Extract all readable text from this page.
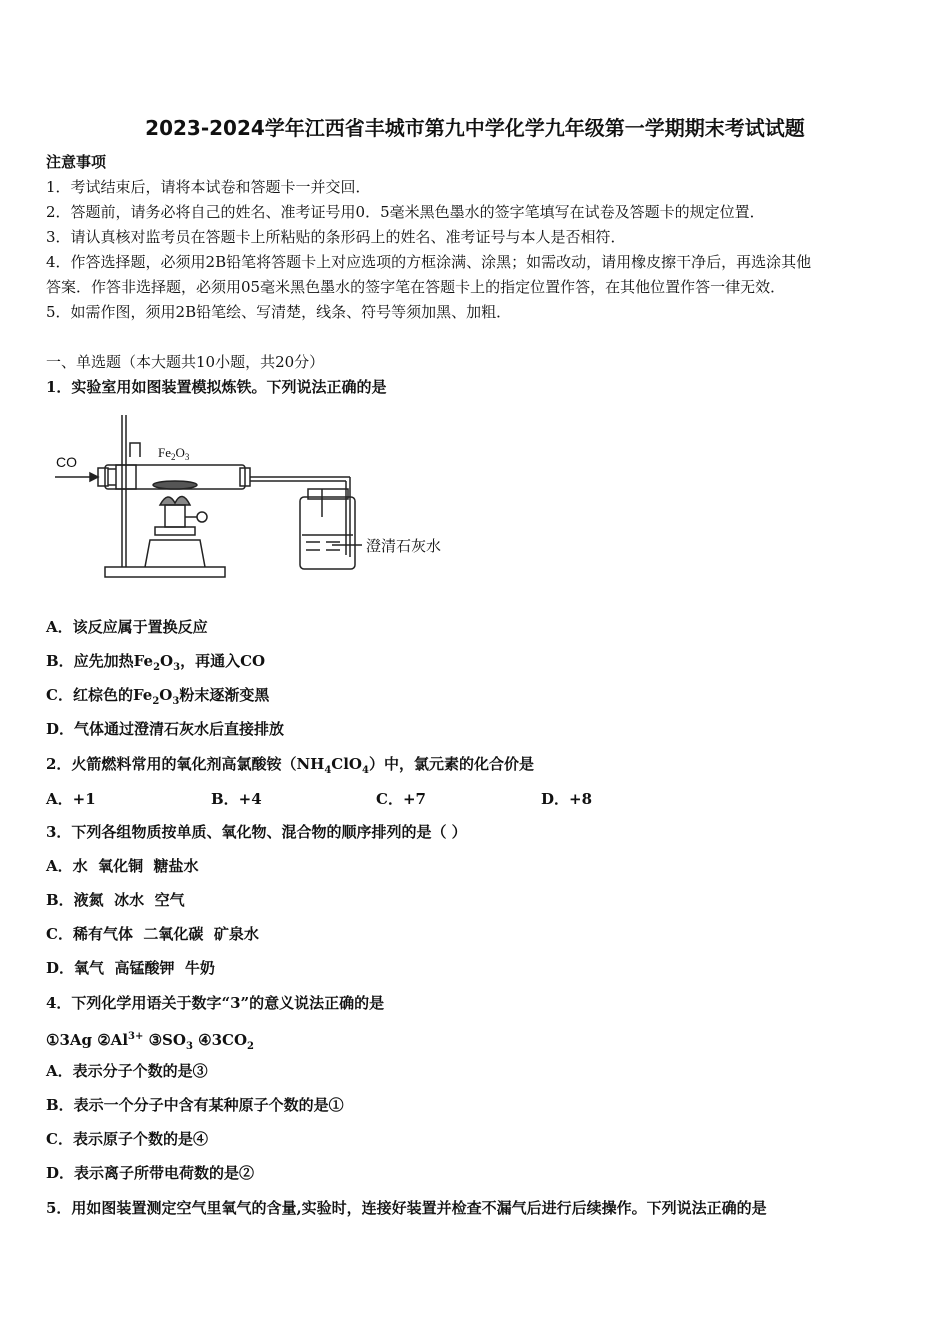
2023-2024学年江西省丰城市第九中学化学九年级第一学期期末考试试题
注意事项
1．考试结束后，请将本试卷和答题卡一并交回．
2．答题前，请务必将自己的姓名、准考证号用0．5毫米黑色墨水的签字笔填写在试卷及答题卡的规定位置．
3．请认真核对监考员在答题卡上所粘贴的条形码上的姓名、准考证号与本人是否相符．
4．作答选择题，必须用2B铅笔将答题卡上对应选项的方框涂满、涂黑；如需改动，请用橡皮擦干净后，再选涂其他
答案．作答非选择题，必须用05毫米黑色墨水的签字笔在答题卡上的指定位置作答，在其他位置作答一律无效．
5．如需作图，须用2B铅笔绘、写清楚，线条、符号等须加黑、加粗．
一、单选题（本大题共10小题，共20分）
1．实验室用如图装置模拟炼铁。下列说法正确的是
CO
$Fe_2O_3$
澄清石灰水
A．该反应属于置换反应
B．应先加热$Fe_2O_3$，再通入CO
C．红棕色的$Fe_2O_3$粉末逐渐变黑
D．气体通过澄清石灰水后直接排放
2．火箭燃料常用的氧化剂高氯酸铵$(NH_4ClO_4)$中，氯元素的化合价是
A．+1	B．+4	C．+7	D．+8
3．下列各组物质按单质、氧化物、混合物的顺序排列的是（ ）
A．水  氧化铜  糖盐水
B．液氮  冰水  空气
C．稀有气体  二氧化碳  矿泉水
D．氧气  高锰酸钾  牛奶
4．下列化学用语关于数字“3”的意义说法正确的是
①3Ag $②Al^{3+}$ $③SO_3$ $④3CO_2$
A．表示分子个数的是③
B．表示一个分子中含有某种原子个数的是①
C．表示原子个数的是④
D．表示离子所带电荷数的是②
5．用如图装置测定空气里氧气的含量,实验时，连接好装置并检查不漏气后进行后续操作。下列说法正确的是
